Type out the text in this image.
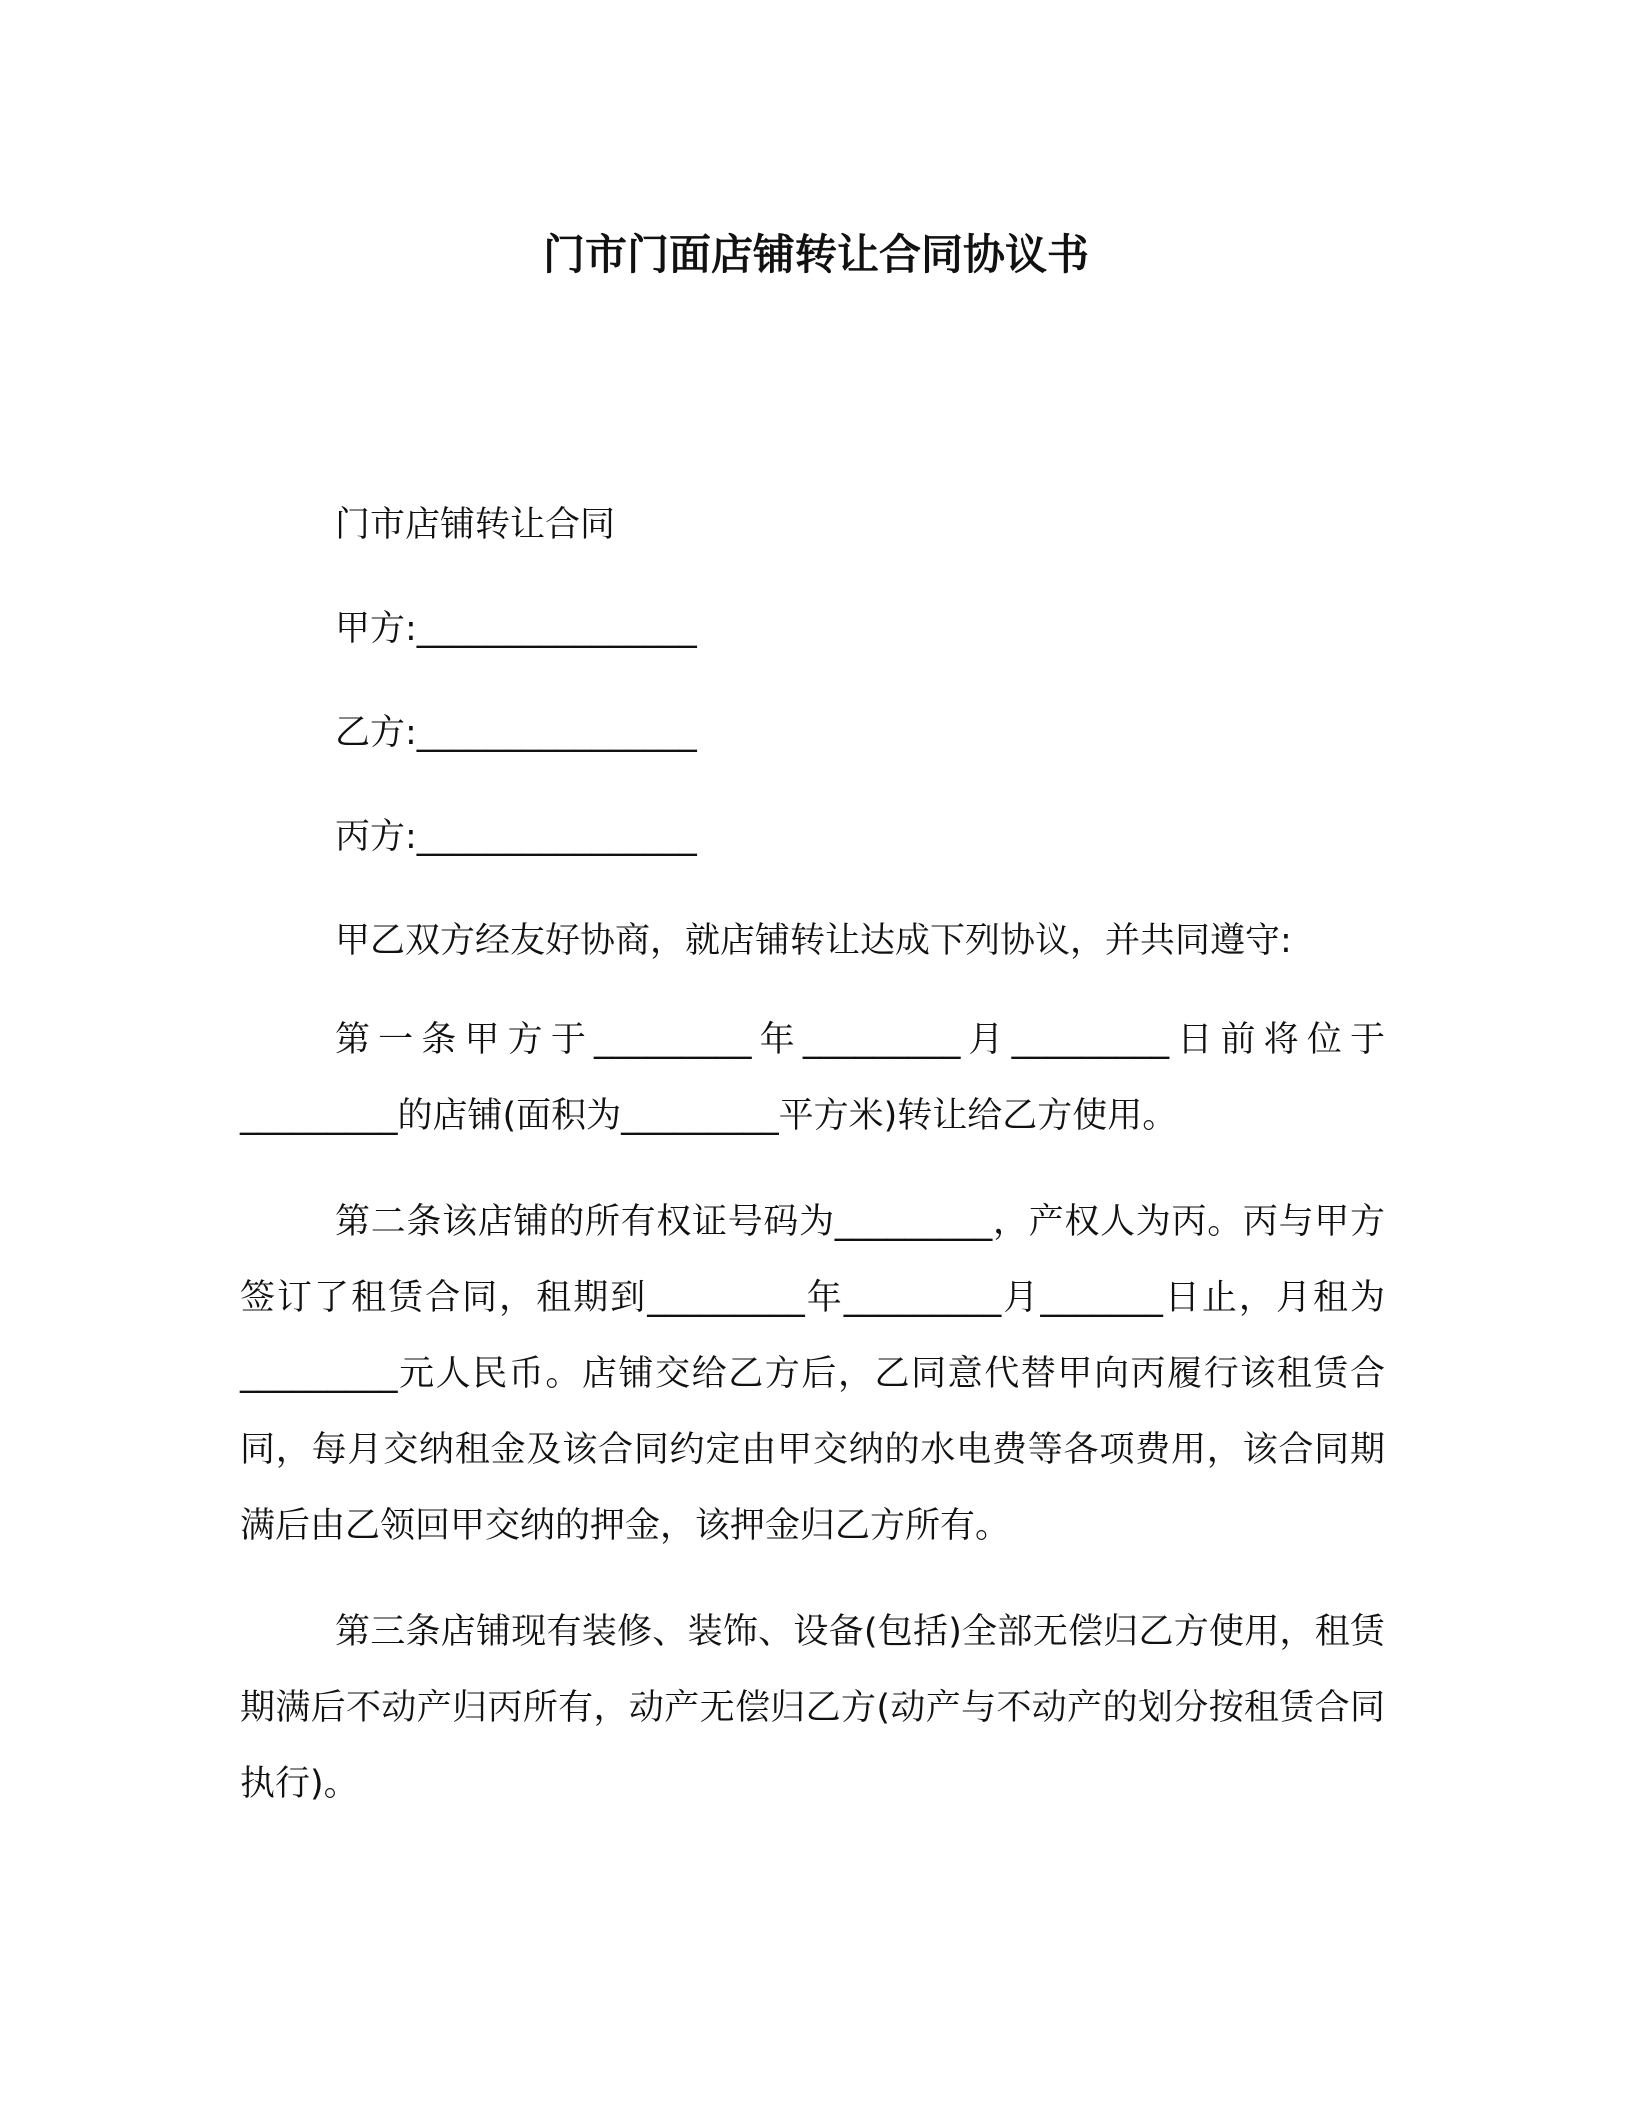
门市门面店铺转让合同协议书
门市店铺转让合同
甲方:________________
乙方:________________
丙方:________________
甲乙双方经友好协商，就店铺转让达成下列协议，并共同遵守:
第一条甲方于_________年_________月_________日前将位于_________的店铺(面积为_________平方米)转让给乙方使用。
第二条该店铺的所有权证号码为_________，产权人为丙。丙与甲方签订了租赁合同，租期到_________年_________月_______日止，月租为_________元人民币。店铺交给乙方后，乙同意代替甲向丙履行该租赁合同，每月交纳租金及该合同约定由甲交纳的水电费等各项费用，该合同期满后由乙领回甲交纳的押金，该押金归乙方所有。
第三条店铺现有装修、装饰、设备(包括)全部无偿归乙方使用，租赁期满后不动产归丙所有，动产无偿归乙方(动产与不动产的划分按租赁合同执行)。
